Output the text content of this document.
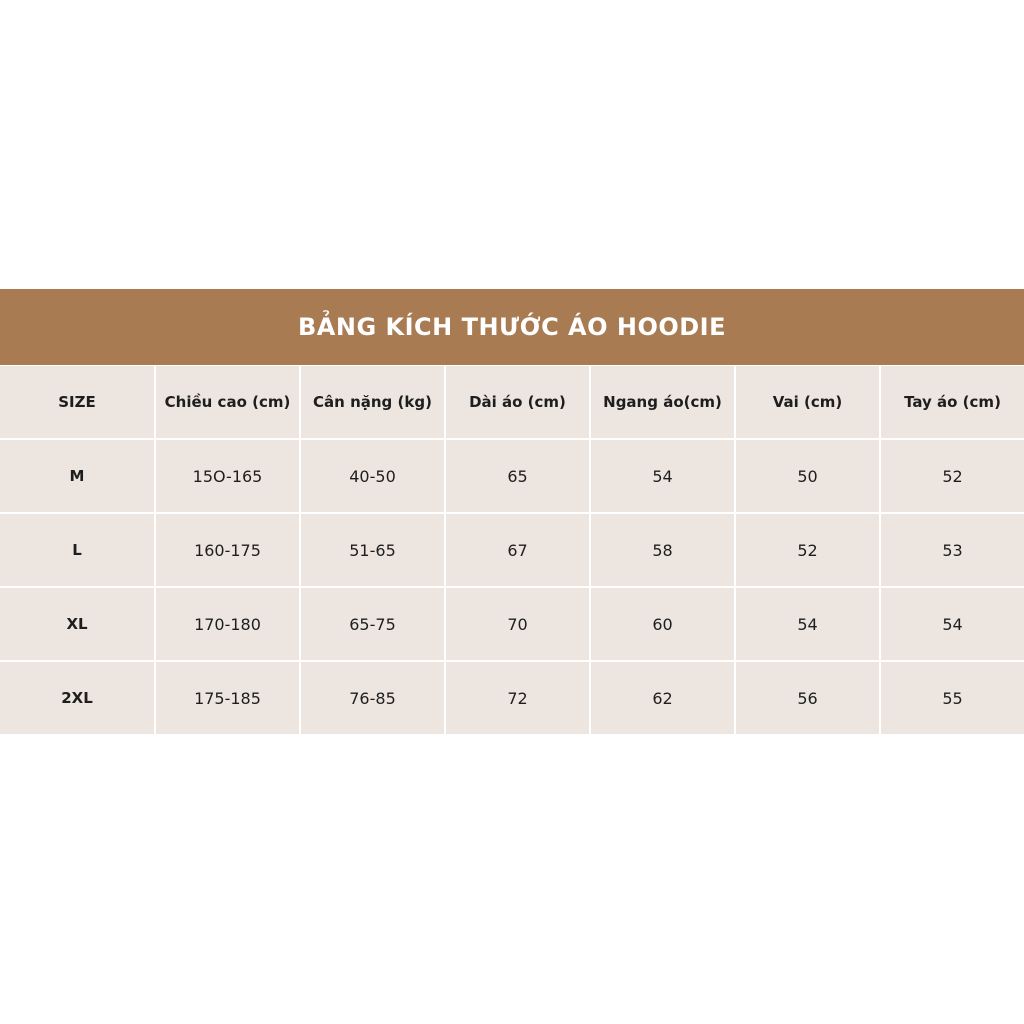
BẢNG KÍCH THƯỚC ÁO HOODIE
SIZE	Chiều cao (cm)	Cân nặng (kg)	Dài áo (cm)	Ngang áo(cm)	Vai (cm)	Tay áo (cm)
M	15O-165	40-50	65	54	50	52
L	160-175	51-65	67	58	52	53
XL	170-180	65-75	70	60	54	54
2XL	175-185	76-85	72	62	56	55
